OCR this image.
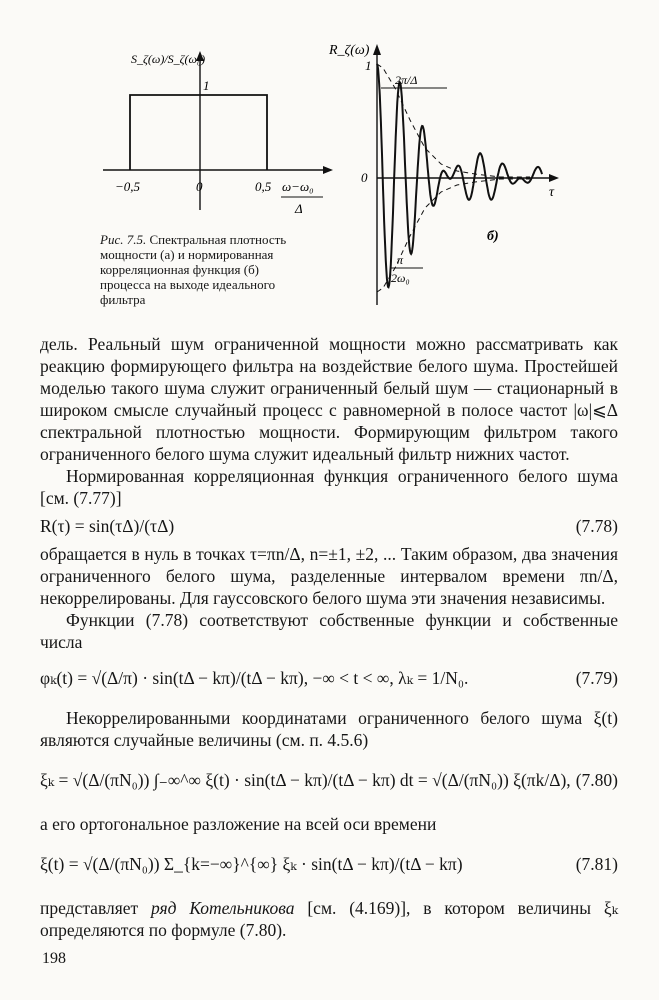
S_ζ(ω)/S_ζ(ω₀)
1
−0,5	0	0,5 ω−ω₀
Δ
R_ζ(ω)
1
0
τ
2π/Δ
π
2ω₀
б)
Рис. 7.5. Спектральная плотность мощности (а) и нормированная корреляционная функция (б) процесса на выходе идеального фильтра

дель. Реальный шум ограниченной мощности можно рассматривать как реакцию формирующего фильтра на воздействие белого шума. Простейшей моделью такого шума служит ограниченный белый шум — стационарный в широком смысле случайный процесс с равномерной в полосе частот |ω|⩽Δ спектральной плотностью мощности. Формирующим фильтром такого ограниченного белого шума служит идеальный фильтр нижних частот.

Нормированная корреляционная функция ограниченного белого шума [см. (7.77)]

R(τ) = sin(τΔ)/(τΔ)	(7.78)

обращается в нуль в точках τ=πn/Δ, n=±1, ±2, ... Таким образом, два значения ограниченного белого шума, разделенные интервалом времени πn/Δ, некоррелированы. Для гауссовского белого шума эти значения независимы.

Функции (7.78) соответствуют собственные функции и собственные числа

φₖ(t) = √(Δ/π) · sin(tΔ − kπ)/(tΔ − kπ), −∞ < t < ∞, λₖ = 1/N₀.	(7.79)

Некоррелированными координатами ограниченного белого шума ξ(t) являются случайные величины (см. п. 4.5.6)

ξₖ = √(Δ/(πN₀)) ∫₋∞^∞ ξ(t) · sin(tΔ − kπ)/(tΔ − kπ) dt = √(Δ/(πN₀)) ξ(πk/Δ), (7.80)

а его ортогональное разложение на всей оси времени

ξ(t) = √(Δ/(πN₀)) Σ_{k=−∞}^{∞} ξₖ · sin(tΔ − kπ)/(tΔ − kπ)	(7.81)

представляет ряд Котельникова [см. (4.169)], в котором величины ξₖ определяются по формуле (7.80).

198
